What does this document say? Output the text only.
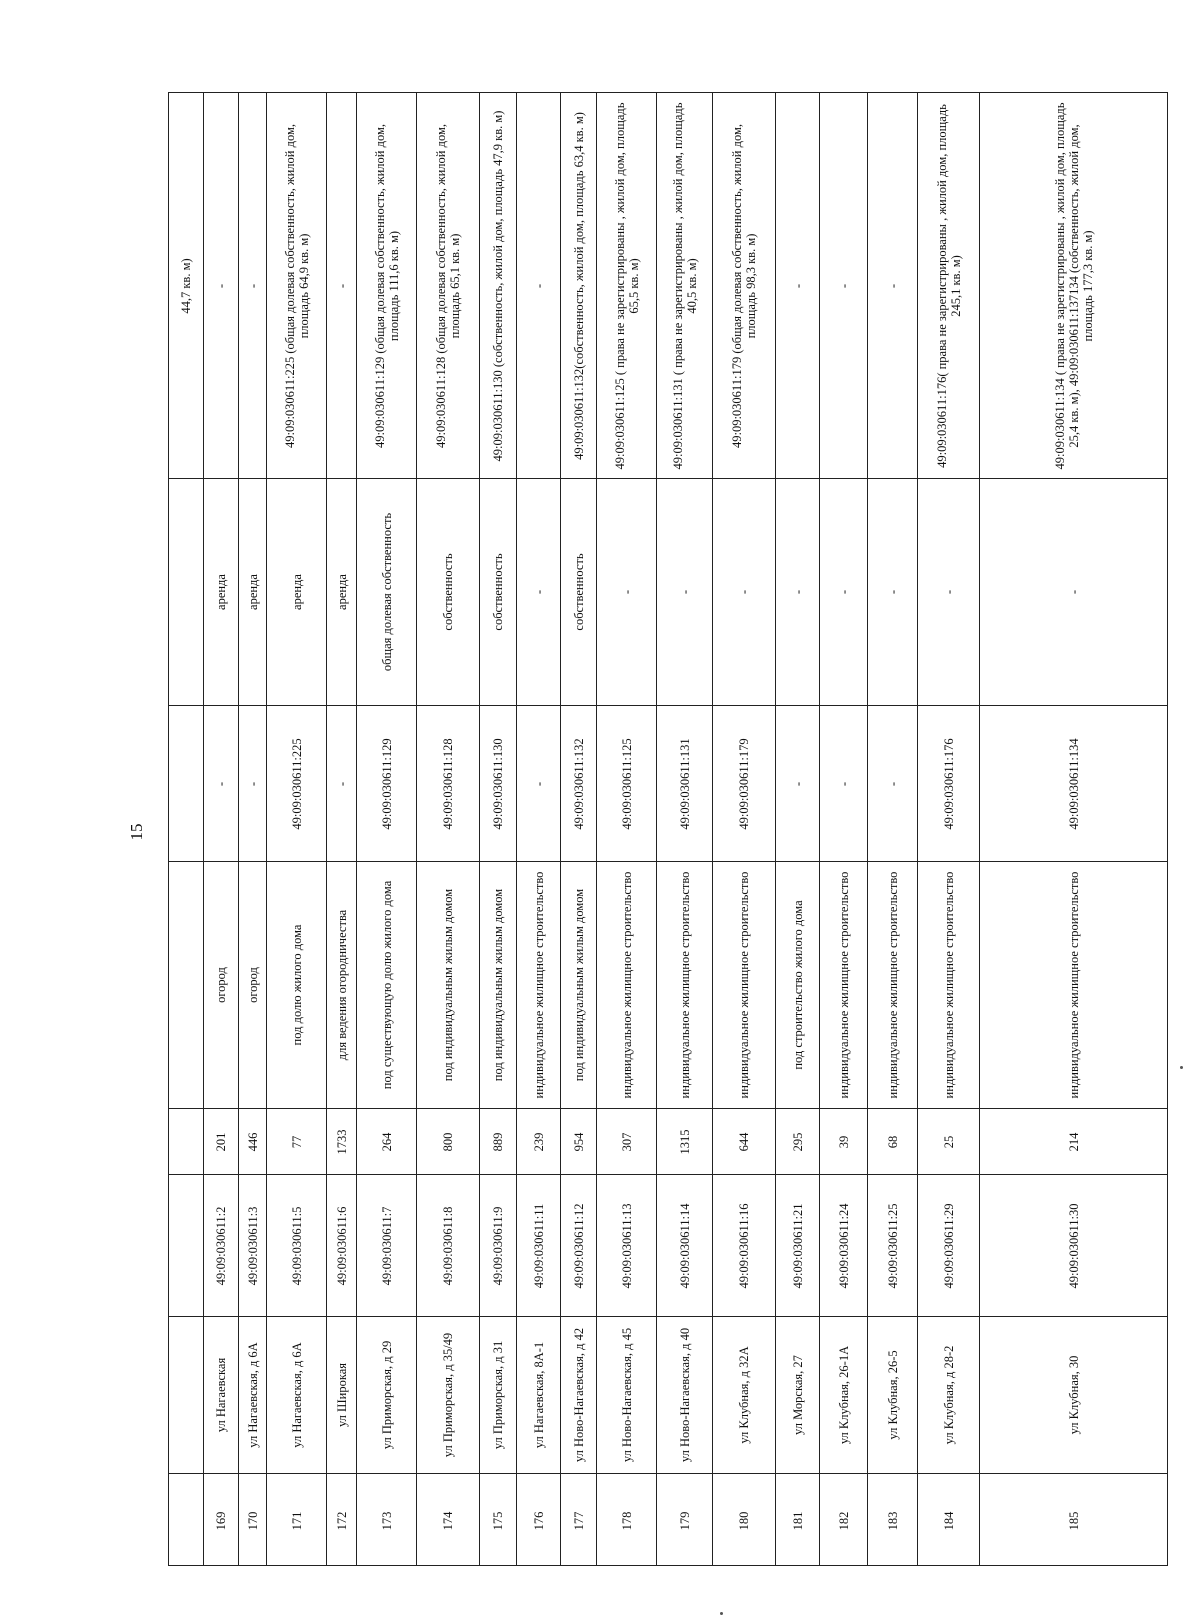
15
44,7 кв. м)
169
ул Нагаевская
49:09:030611:2
201
огород
-
аренда
-
170
ул Нагаевская, д 6А
49:09:030611:3
446
огород
-
аренда
-
171
ул Нагаевская, д 6А
49:09:030611:5
77
под долю жилого дома
49:09:030611:225
аренда
49:09:030611:225 (общая долевая собственность, жилой дом, площадь 64,9 кв. м)
172
ул Широкая
49:09:030611:6
1733
для ведения огородничества
-
аренда
-
173
ул Приморская, д 29
49:09:030611:7
264
под существующую долю жилого дома
49:09:030611:129
общая долевая собственность
49:09:030611:129 (общая долевая собственность, жилой дом, площадь 111,6 кв. м)
174
ул Приморская, д 35/49
49:09:030611:8
800
под индивидуальным жилым домом
49:09:030611:128
собственность
49:09:030611:128 (общая долевая собственность, жилой дом, площадь 65,1 кв. м)
175
ул Приморская, д 31
49:09:030611:9
889
под индивидуальным жилым домом
49:09:030611:130
собственность
49:09:030611:130 (собственность, жилой дом, площадь 47,9 кв. м)
176
ул Нагаевская, 8А-1
49:09:030611:11
239
индивидуальное жилищное строительство
-
-
-
177
ул Ново-Нагаевская, д 42
49:09:030611:12
954
под индивидуальным жилым домом
49:09:030611:132
собственность
49:09:030611:132(собственность, жилой дом, площадь 63,4 кв. м)
178
ул Ново-Нагаевская, д 45
49:09:030611:13
307
индивидуальное жилищное строительство
49:09:030611:125
-
49:09:030611:125 ( права не зарегистрированы , жилой дом, площадь 65,5 кв. м)
179
ул Ново-Нагаевская, д 40
49:09:030611:14
1315
индивидуальное жилищное строительство
49:09:030611:131
-
49:09:030611:131 ( права не зарегистрированы , жилой дом, площадь 40,5 кв. м)
180
ул Клубная, д 32А
49:09:030611:16
644
индивидуальное жилищное строительство
49:09:030611:179
-
49:09:030611:179 (общая долевая собственность, жилой дом, площадь 98,3 кв. м)
181
ул Морская, 27
49:09:030611:21
295
под строительство жилого дома
-
-
-
182
ул Клубная, 26-1А
49:09:030611:24
39
индивидуальное жилищное строительство
-
-
-
183
ул Клубная, 26-5
49:09:030611:25
68
индивидуальное жилищное строительство
-
-
-
184
ул Клубная, д 28-2
49:09:030611:29
25
индивидуальное жилищное строительство
49:09:030611:176
-
49:09:030611:176( права не зарегистрированы , жилой дом, площадь 245,1 кв. м)
185
ул Клубная, 30
49:09:030611:30
214
индивидуальное жилищное строительство
49:09:030611:134
-
49:09:030611:134 ( права не зарегистрированы , жилой дом, площадь 25,4 кв. м), 49:09:030611:137134 (собственность, жилой дом, площадь 177,3 кв. м)
